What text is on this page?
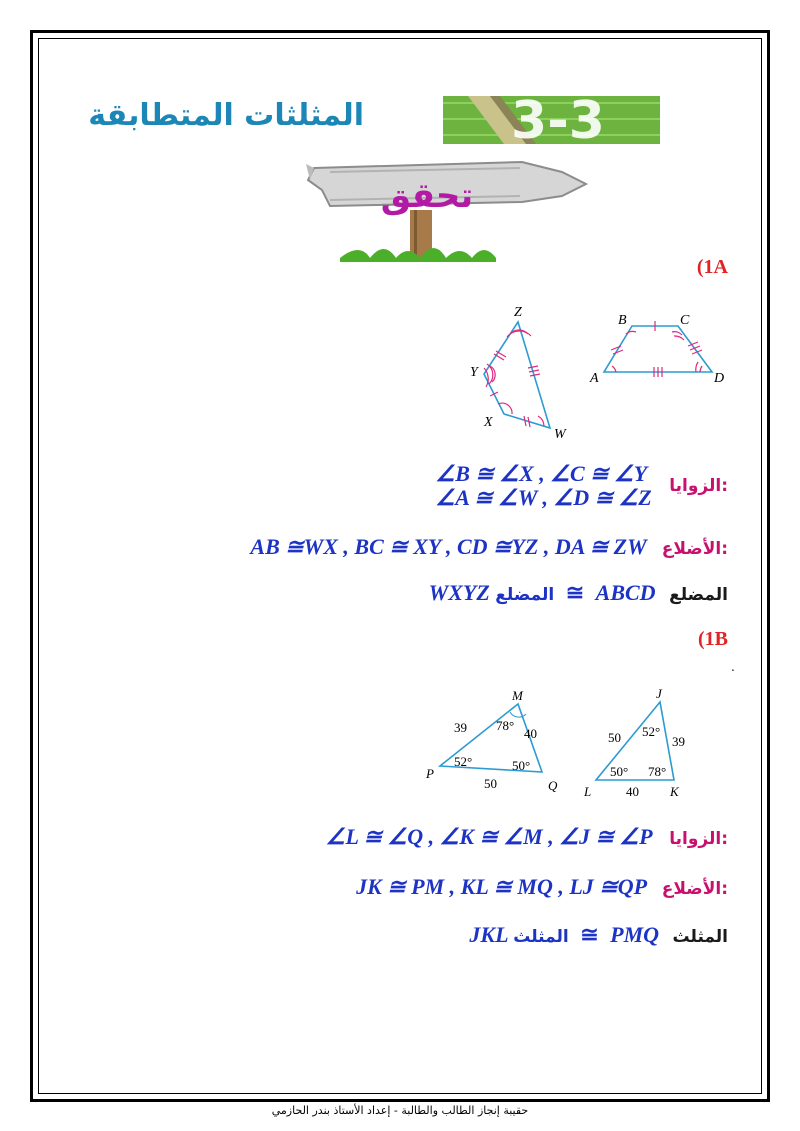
3-3
المثلثات المتطابقة
تحقق
(1A
Z
Y
X
W
B	C
A	D
∠B ≅ ∠X , ∠C ≅ ∠Y
∠A ≅ ∠W , ∠D ≅ ∠Z الزوايا:
AB ≅WX , BC ≅ XY , CD ≅YZ , DA ≅ ZW الأضلاع:
WXYZ المضلع ≅ ABCD المضلع
(1B
.
M
P
Q
39	40
50
78°
52°	50°
J
L	K
50	39
40
52°
50° 78°
∠L ≅ ∠Q , ∠K ≅ ∠M , ∠J ≅ ∠P الزوايا:
JK ≅ PM , KL ≅ MQ , LJ ≅QP الأضلاع:
JKL المثلث ≅ PMQ المثلث
حقيبة إنجاز الطالب والطالبة - إعداد الأستاذ بندر الحازمي
